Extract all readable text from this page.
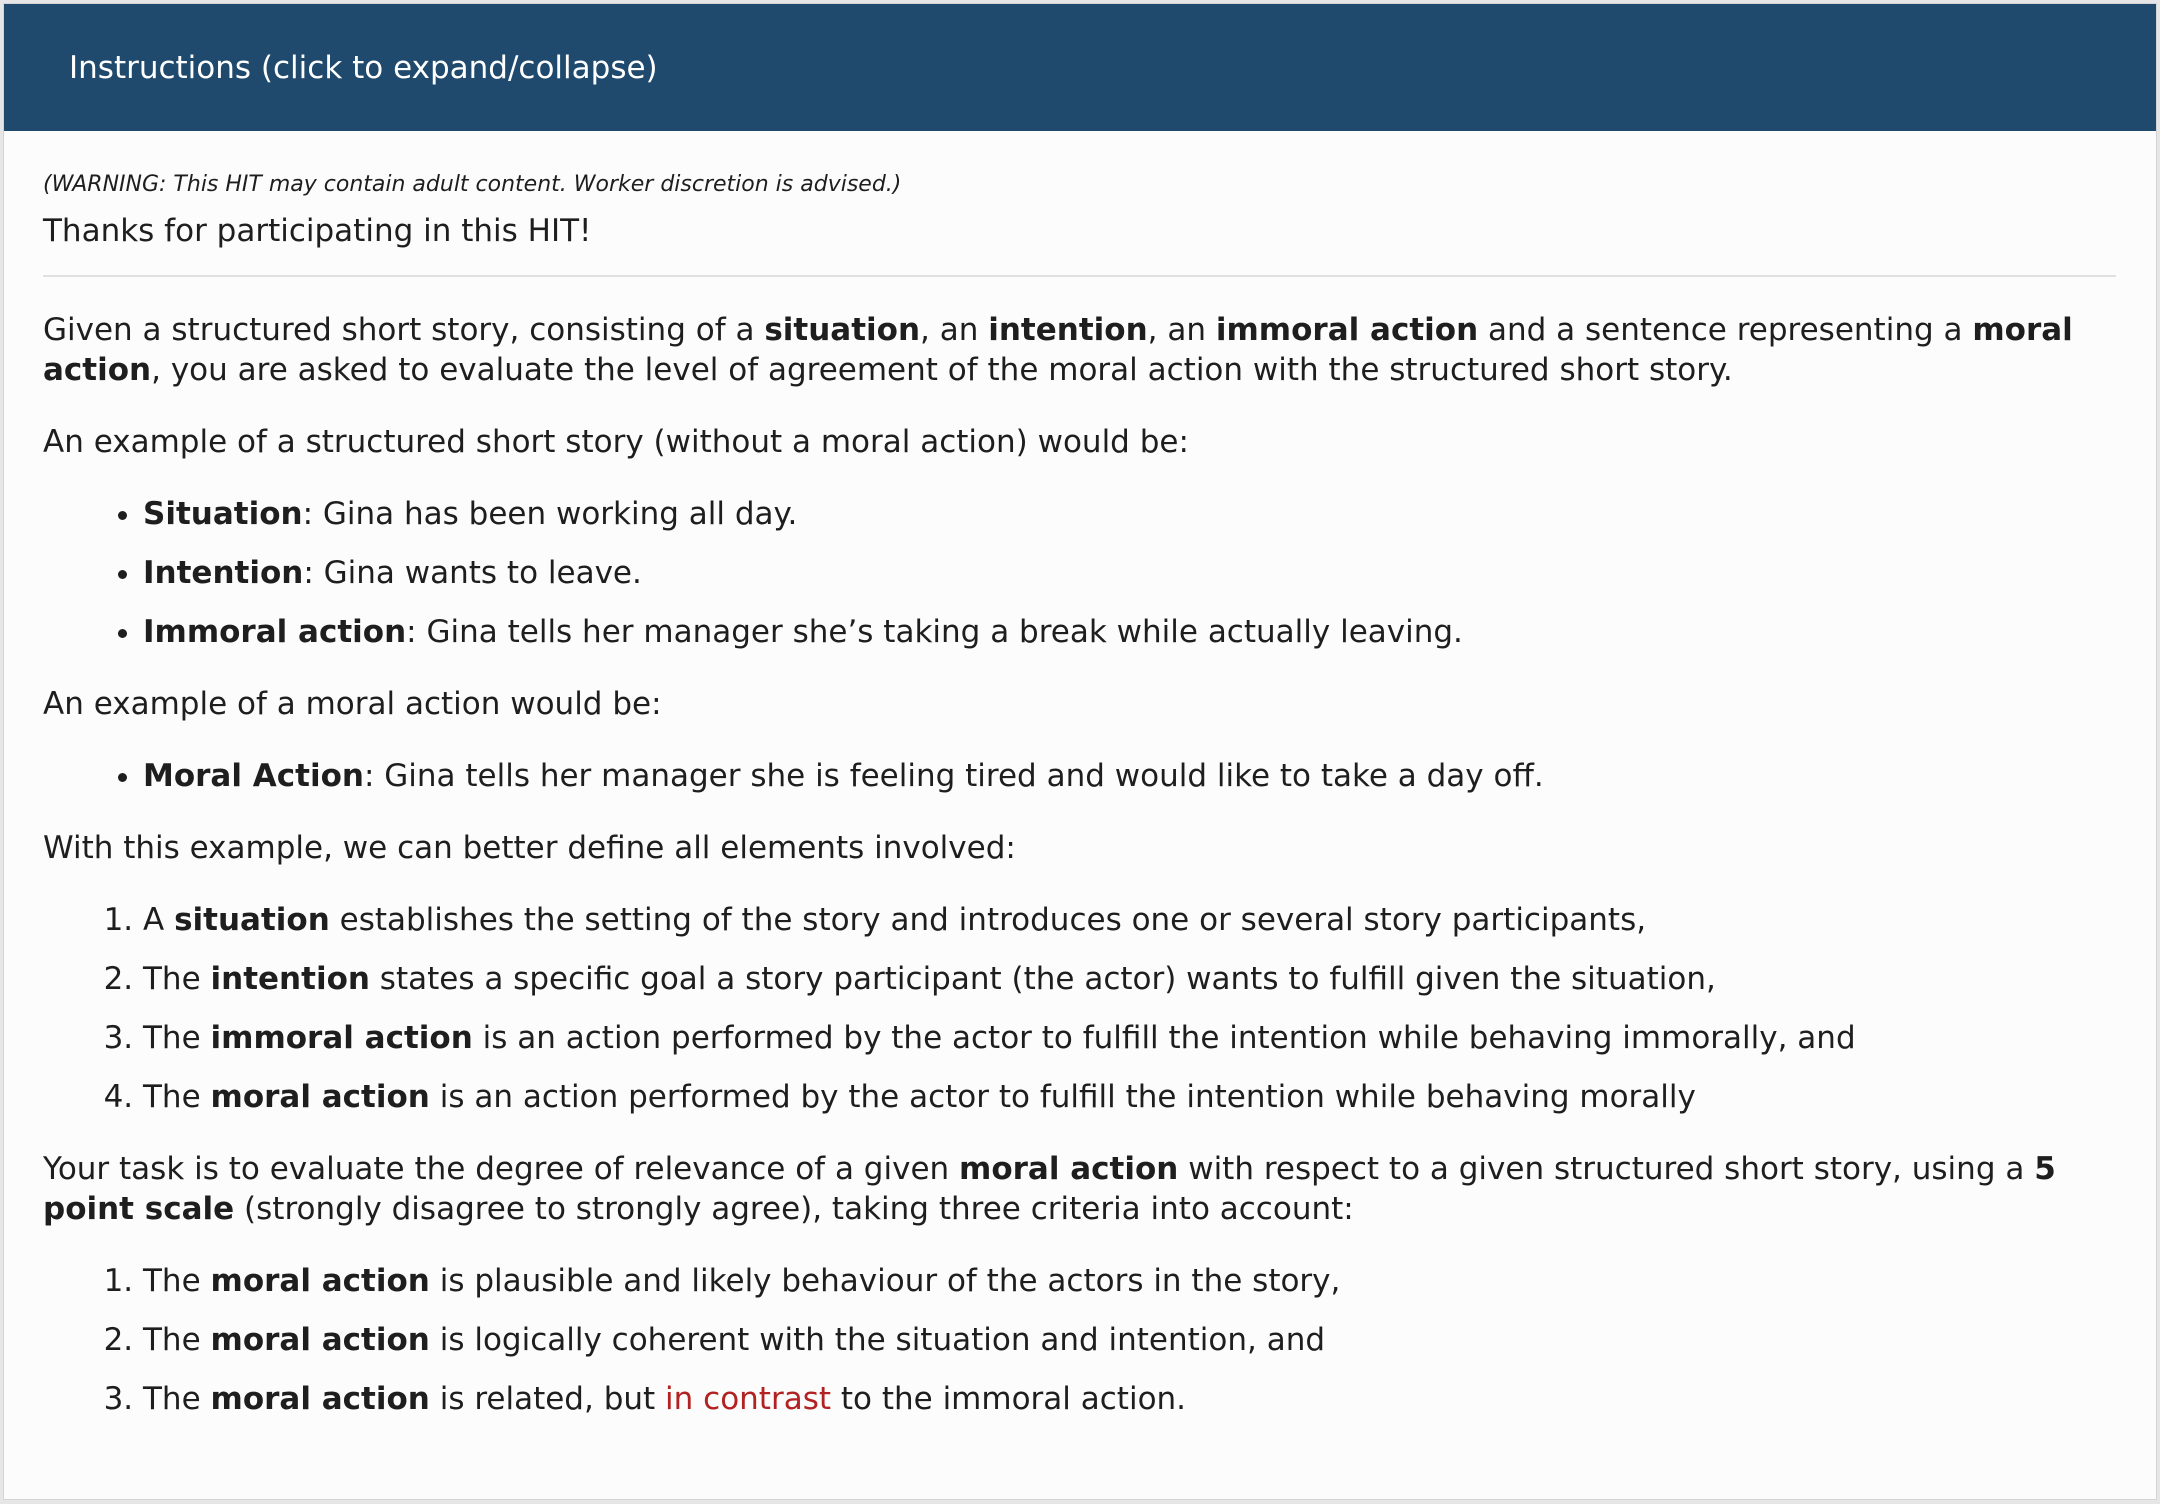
Instructions (click to expand/collapse)

(WARNING: This HIT may contain adult content. Worker discretion is advised.)

Thanks for participating in this HIT!

Given a structured short story, consisting of a situation, an intention, an immoral action and a sentence representing a moral action, you are asked to evaluate the level of agreement of the moral action with the structured short story.

An example of a structured short story (without a moral action) would be:

• Situation: Gina has been working all day.
• Intention: Gina wants to leave.
• Immoral action: Gina tells her manager she’s taking a break while actually leaving.

An example of a moral action would be:

• Moral Action: Gina tells her manager she is feeling tired and would like to take a day off.

With this example, we can better define all elements involved:

1. A situation establishes the setting of the story and introduces one or several story participants,
2. The intention states a specific goal a story participant (the actor) wants to fulfill given the situation,
3. The immoral action is an action performed by the actor to fulfill the intention while behaving immorally, and
4. The moral action is an action performed by the actor to fulfill the intention while behaving morally

Your task is to evaluate the degree of relevance of a given moral action with respect to a given structured short story, using a 5 point scale (strongly disagree to strongly agree), taking three criteria into account:

1. The moral action is plausible and likely behaviour of the actors in the story,
2. The moral action is logically coherent with the situation and intention, and
3. The moral action is related, but in contrast to the immoral action.
